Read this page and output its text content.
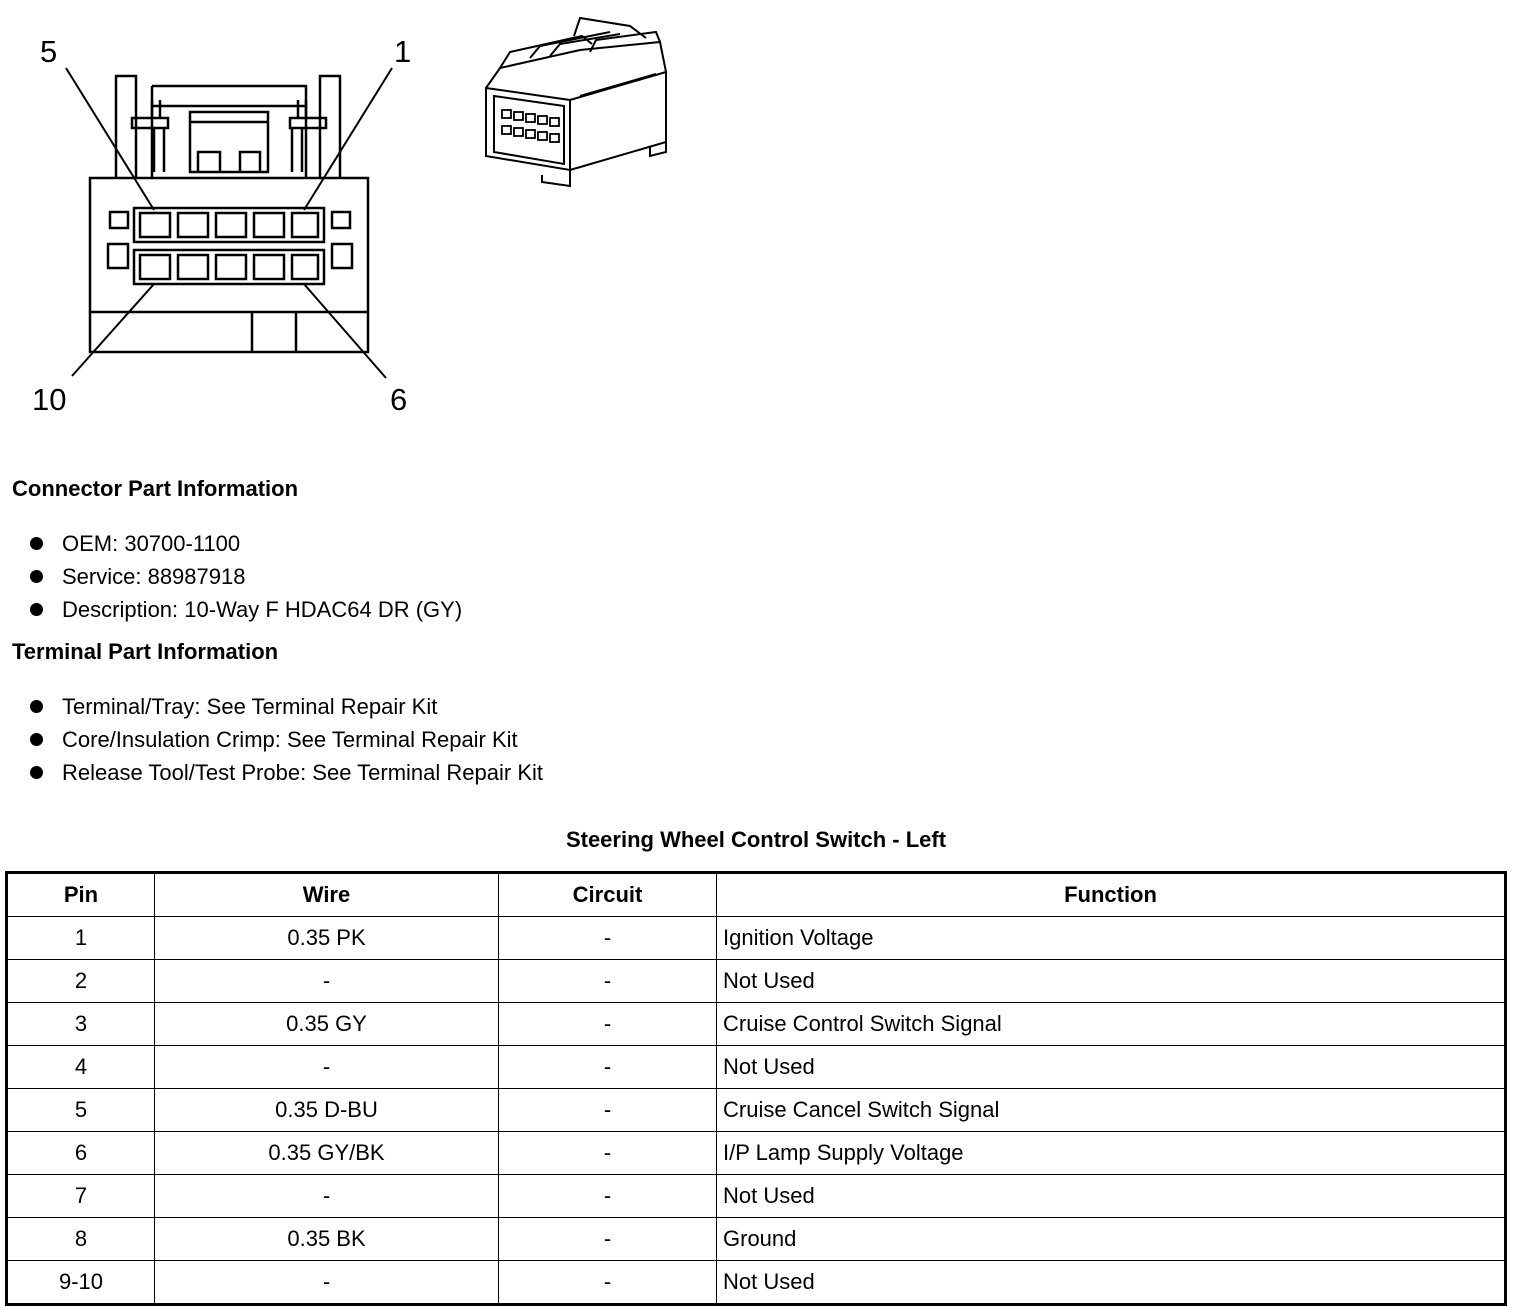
5	1
10	6
Connector Part Information
OEM: 30700-1100
Service: 88987918
Description: 10-Way F HDAC64 DR (GY)
Terminal Part Information
Terminal/Tray: See Terminal Repair Kit
Core/Insulation Crimp: See Terminal Repair Kit
Release Tool/Test Probe: See Terminal Repair Kit
Steering Wheel Control Switch - Left
Pin	Wire	Circuit	Function
1	0.35 PK	-	Ignition Voltage
2	-	-	Not Used
3	0.35 GY	-	Cruise Control Switch Signal
4	-	-	Not Used
5	0.35 D-BU	-	Cruise Cancel Switch Signal
6	0.35 GY/BK	-	I/P Lamp Supply Voltage
7	-	-	Not Used
8	0.35 BK	-	Ground
9-10	-	-	Not Used
